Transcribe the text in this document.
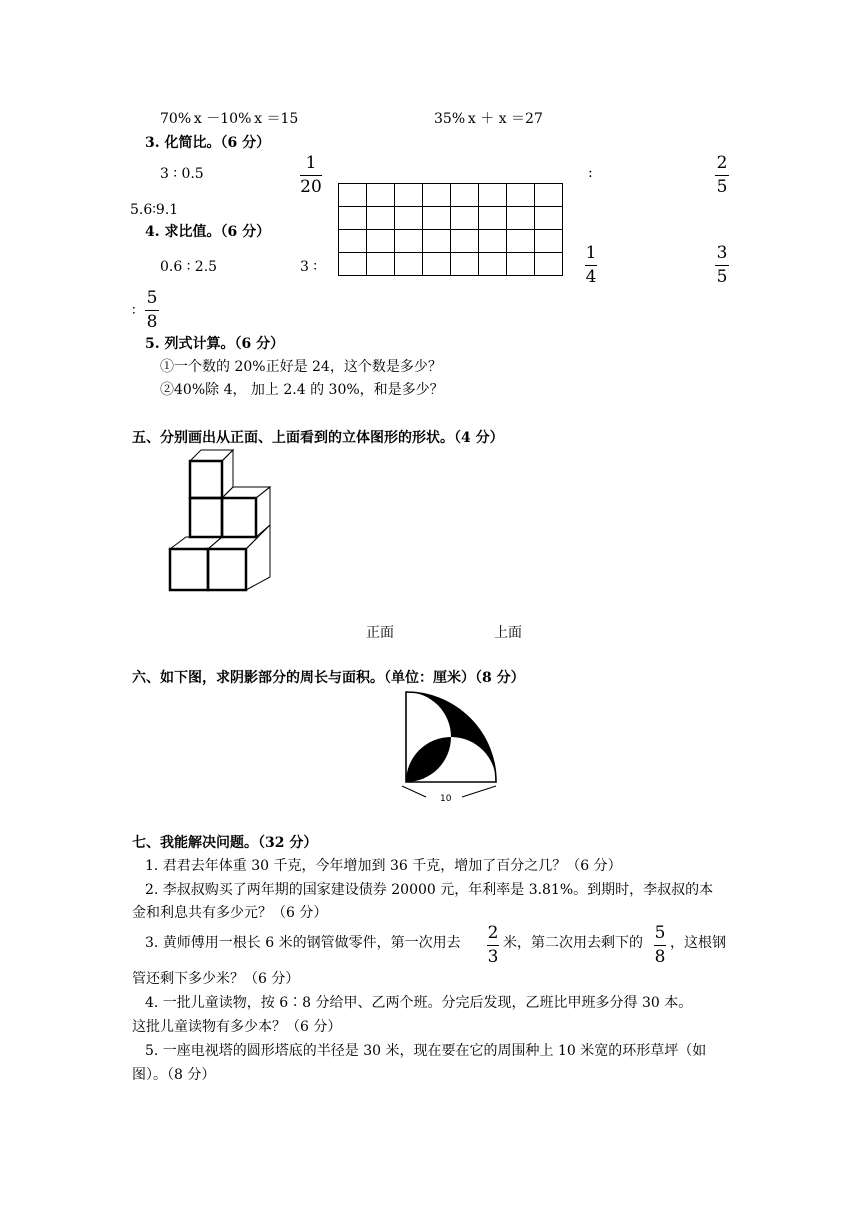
70% x －10% x ＝15	35% x ＋ x ＝27
3. 化简比。（6 分）
3 ∶ 0.5
1
20
:	2
5
5.6∶9.1

4. 求比值。（6 分）
0.6 ∶ 2.5	3 ∶
1
4
3
5
∶
5
8
5. 列式计算。（6 分）
①一个数的 20%正好是 24，这个数是多少？
②40%除 4， 加上 2.4 的 30%，和是多少？
五、分别画出从正面、上面看到的立体图形的形状。（4 分）
正面	上面
六、如下图，求阴影部分的周长与面积。（单位：厘米）（8 分）
10
七、我能解决问题。（32 分）
1. 君君去年体重 30 千克，今年增加到 36 千克，增加了百分之几？（6 分）
2. 李叔叔购买了两年期的国家建设债券 20000 元，年利率是 3.81%。到期时，李叔叔的本
金和利息共有多少元？（6 分）
3. 黄师傅用一根长 6 米的钢管做零件，第一次用去 2
3
米，第二次用去剩下的 5
8
，这根钢
管还剩下多少米？（6 分）
4. 一批儿童读物，按 6∶8 分给甲、乙两个班。分完后发现，乙班比甲班多分得 30 本。
这批儿童读物有多少本？（6 分）
5. 一座电视塔的圆形塔底的半径是 30 米，现在要在它的周围种上 10 米宽的环形草坪（如
图）。（8 分）
